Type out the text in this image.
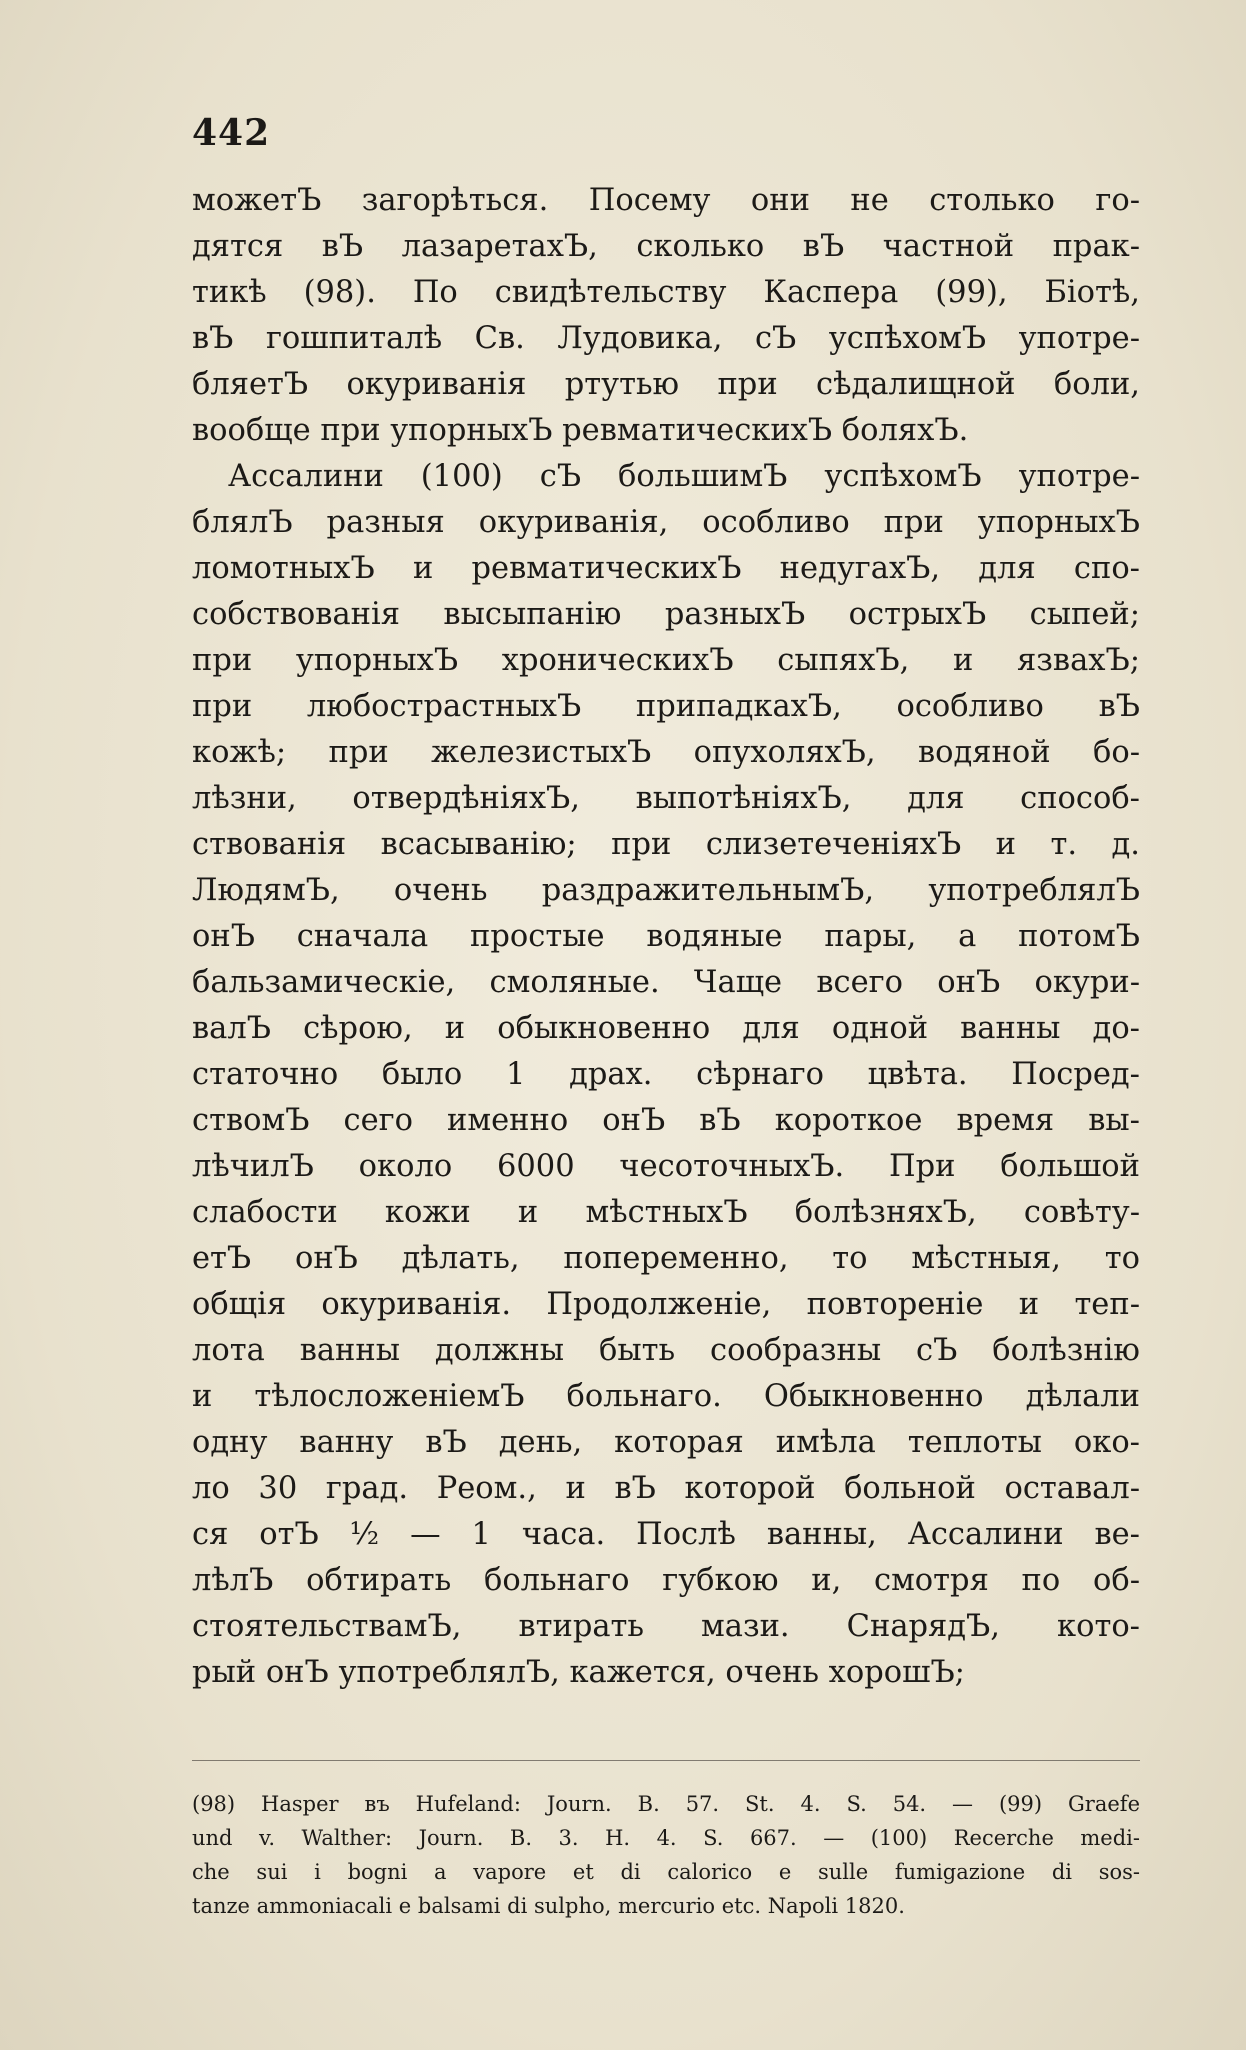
442
можетЪ загорѣться. Посему они не столько го-
дятся вЪ лазаретахЪ, сколько вЪ частной прак-
тикѣ (98). По свидѣтельству Каспера (99), Біотѣ,
вЪ гошпиталѣ Св. Лудовика, сЪ успѣхомЪ употре-
бляетЪ окуриванія ртутью при сѣдалищной боли,
вообще при упорныхЪ ревматическихЪ боляхЪ.
Ассалини (100) сЪ большимЪ успѣхомЪ употре-
блялЪ разныя окуриванія, особливо при упорныхЪ
ломотныхЪ и ревматическихЪ недугахЪ, для спо-
собствованія высыпанію разныхЪ острыхЪ сыпей;
при упорныхЪ хроническихЪ сыпяхЪ, и язвахЪ;
при любострастныхЪ припадкахЪ, особливо вЪ
кожѣ; при железистыхЪ опухоляхЪ, водяной бо-
лѣзни, отвердѣніяхЪ, выпотѣніяхЪ, для способ-
ствованія всасыванію; при слизетеченіяхЪ и т. д.
ЛюдямЪ, очень раздражительнымЪ, употреблялЪ
онЪ сначала простые водяные пары, а потомЪ
бальзамическіе, смоляные. Чаще всего онЪ окури-
валЪ сѣрою, и обыкновенно для одной ванны до-
статочно было 1 драх. сѣрнаго цвѣта. Посред-
ствомЪ сего именно онЪ вЪ короткое время вы-
лѣчилЪ около 6000 чесоточныхЪ. При большой
слабости кожи и мѣстныхЪ болѣзняхЪ, совѣту-
етЪ онЪ дѣлать, попеременно, то мѣстныя, то
общія окуриванія. Продолженіе, повтореніе и теп-
лота ванны должны быть сообразны сЪ болѣзнію
и тѣлосложеніемЪ больнаго. Обыкновенно дѣлали
одну ванну вЪ день, которая имѣла теплоты око-
ло 30 град. Реом., и вЪ которой больной оставал-
ся отЪ ½ — 1 часа. Послѣ ванны, Ассалини ве-
лѣлЪ обтирать больнаго губкою и, смотря по об-
стоятельствамЪ, втирать мази. СнарядЪ, кото-
рый онЪ употреблялЪ, кажется, очень хорошЪ;
(98) Hasper въ Hufeland: Journ. B. 57. St. 4. S. 54. — (99) Graefe
und v. Walther: Journ. B. 3. H. 4. S. 667. — (100) Recerche medi-
che sui i bogni a vapore et di calorico e sulle fumigazione di sos-
tanze ammoniacali e balsami di sulpho, mercurio etc. Napoli 1820.
